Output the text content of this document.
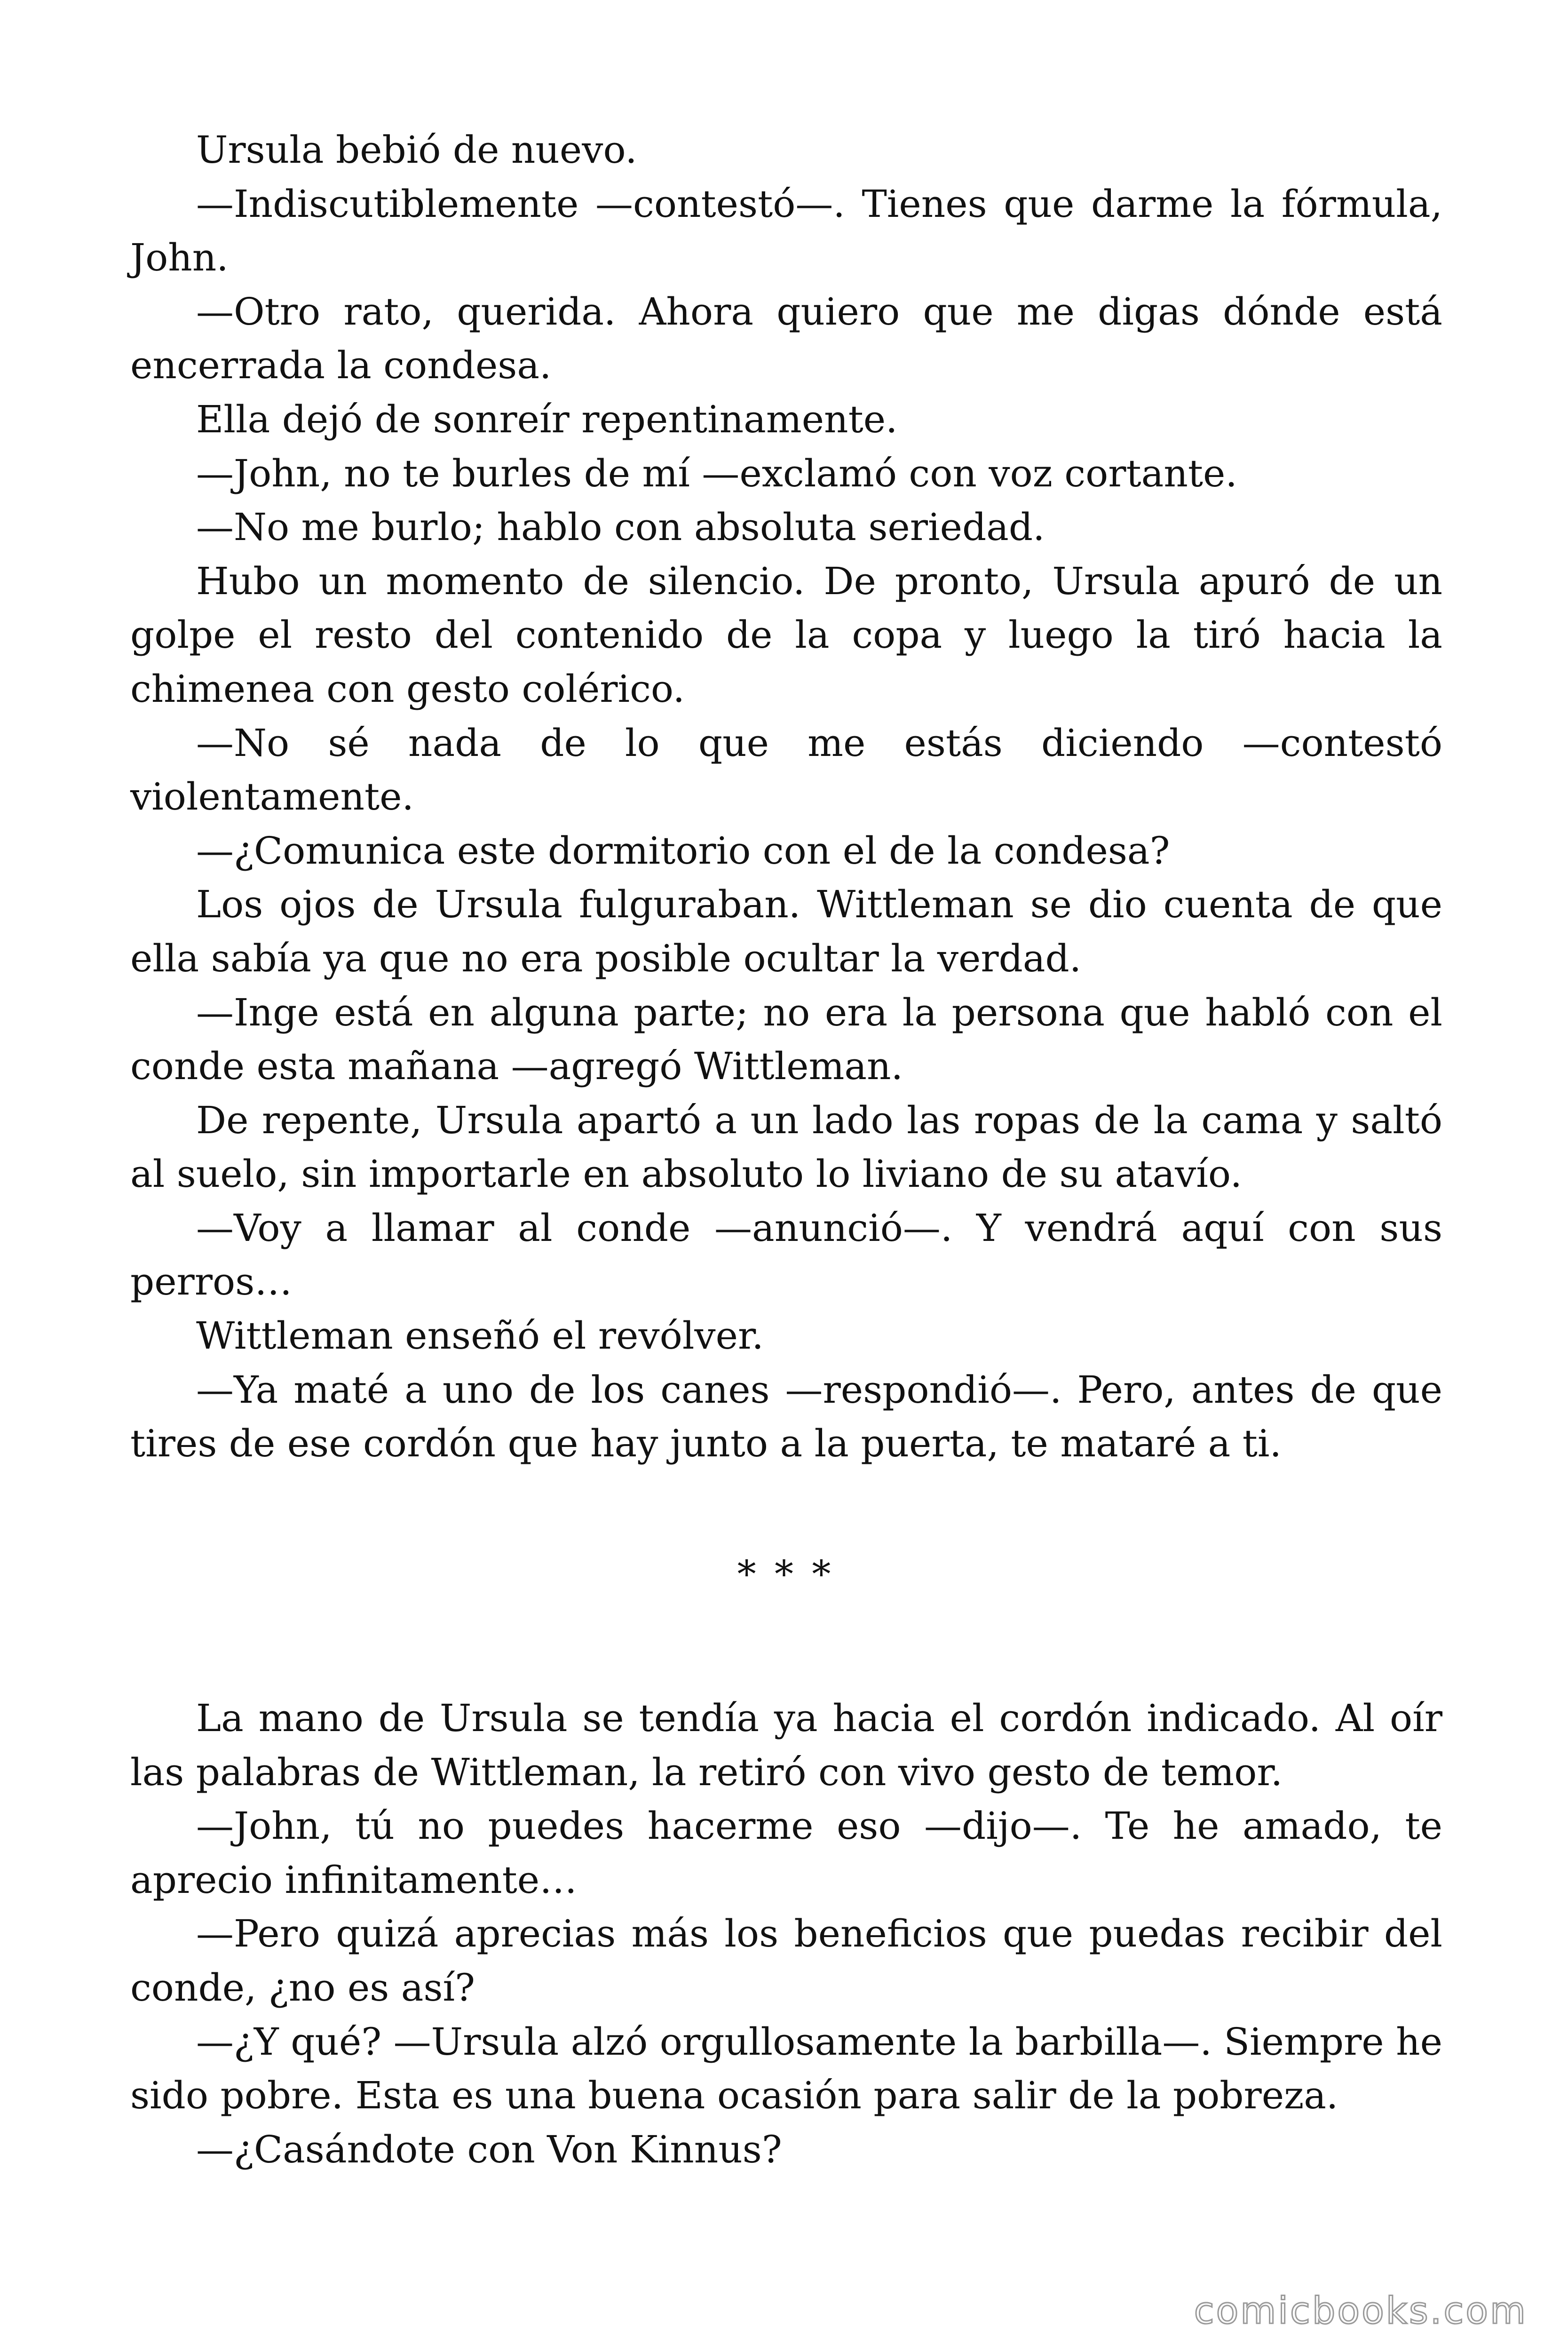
Ursula bebió de nuevo.

—Indiscutiblemente —contestó—. Tienes que darme la fórmula, John.

—Otro rato, querida. Ahora quiero que me digas dónde está encerrada la condesa.

Ella dejó de sonreír repentinamente.

—John, no te burles de mí —exclamó con voz cortante.

—No me burlo; hablo con absoluta seriedad.

Hubo un momento de silencio. De pronto, Ursula apuró de un golpe el resto del contenido de la copa y luego la tiró hacia la chimenea con gesto colérico.

—No sé nada de lo que me estás diciendo —contestó violentamente.

—¿Comunica este dormitorio con el de la condesa?

Los ojos de Ursula fulguraban. Wittleman se dio cuenta de que ella sabía ya que no era posible ocultar la verdad.

—Inge está en alguna parte; no era la persona que habló con el conde esta mañana —agregó Wittleman.

De repente, Ursula apartó a un lado las ropas de la cama y saltó al suelo, sin importarle en absoluto lo liviano de su atavío.

—Voy a llamar al conde —anunció—. Y vendrá aquí con sus perros…

Wittleman enseñó el revólver.

—Ya maté a uno de los canes —respondió—. Pero, antes de que tires de ese cordón que hay junto a la puerta, te mataré a ti.

* * *

La mano de Ursula se tendía ya hacia el cordón indicado. Al oír las palabras de Wittleman, la retiró con vivo gesto de temor.

—John, tú no puedes hacerme eso —dijo—. Te he amado, te aprecio infinitamente…

—Pero quizá aprecias más los beneficios que puedas recibir del conde, ¿no es así?

—¿Y qué? —Ursula alzó orgullosamente la barbilla—. Siempre he sido pobre. Esta es una buena ocasión para salir de la pobreza.

—¿Casándote con Von Kinnus?

comicbooks.com
